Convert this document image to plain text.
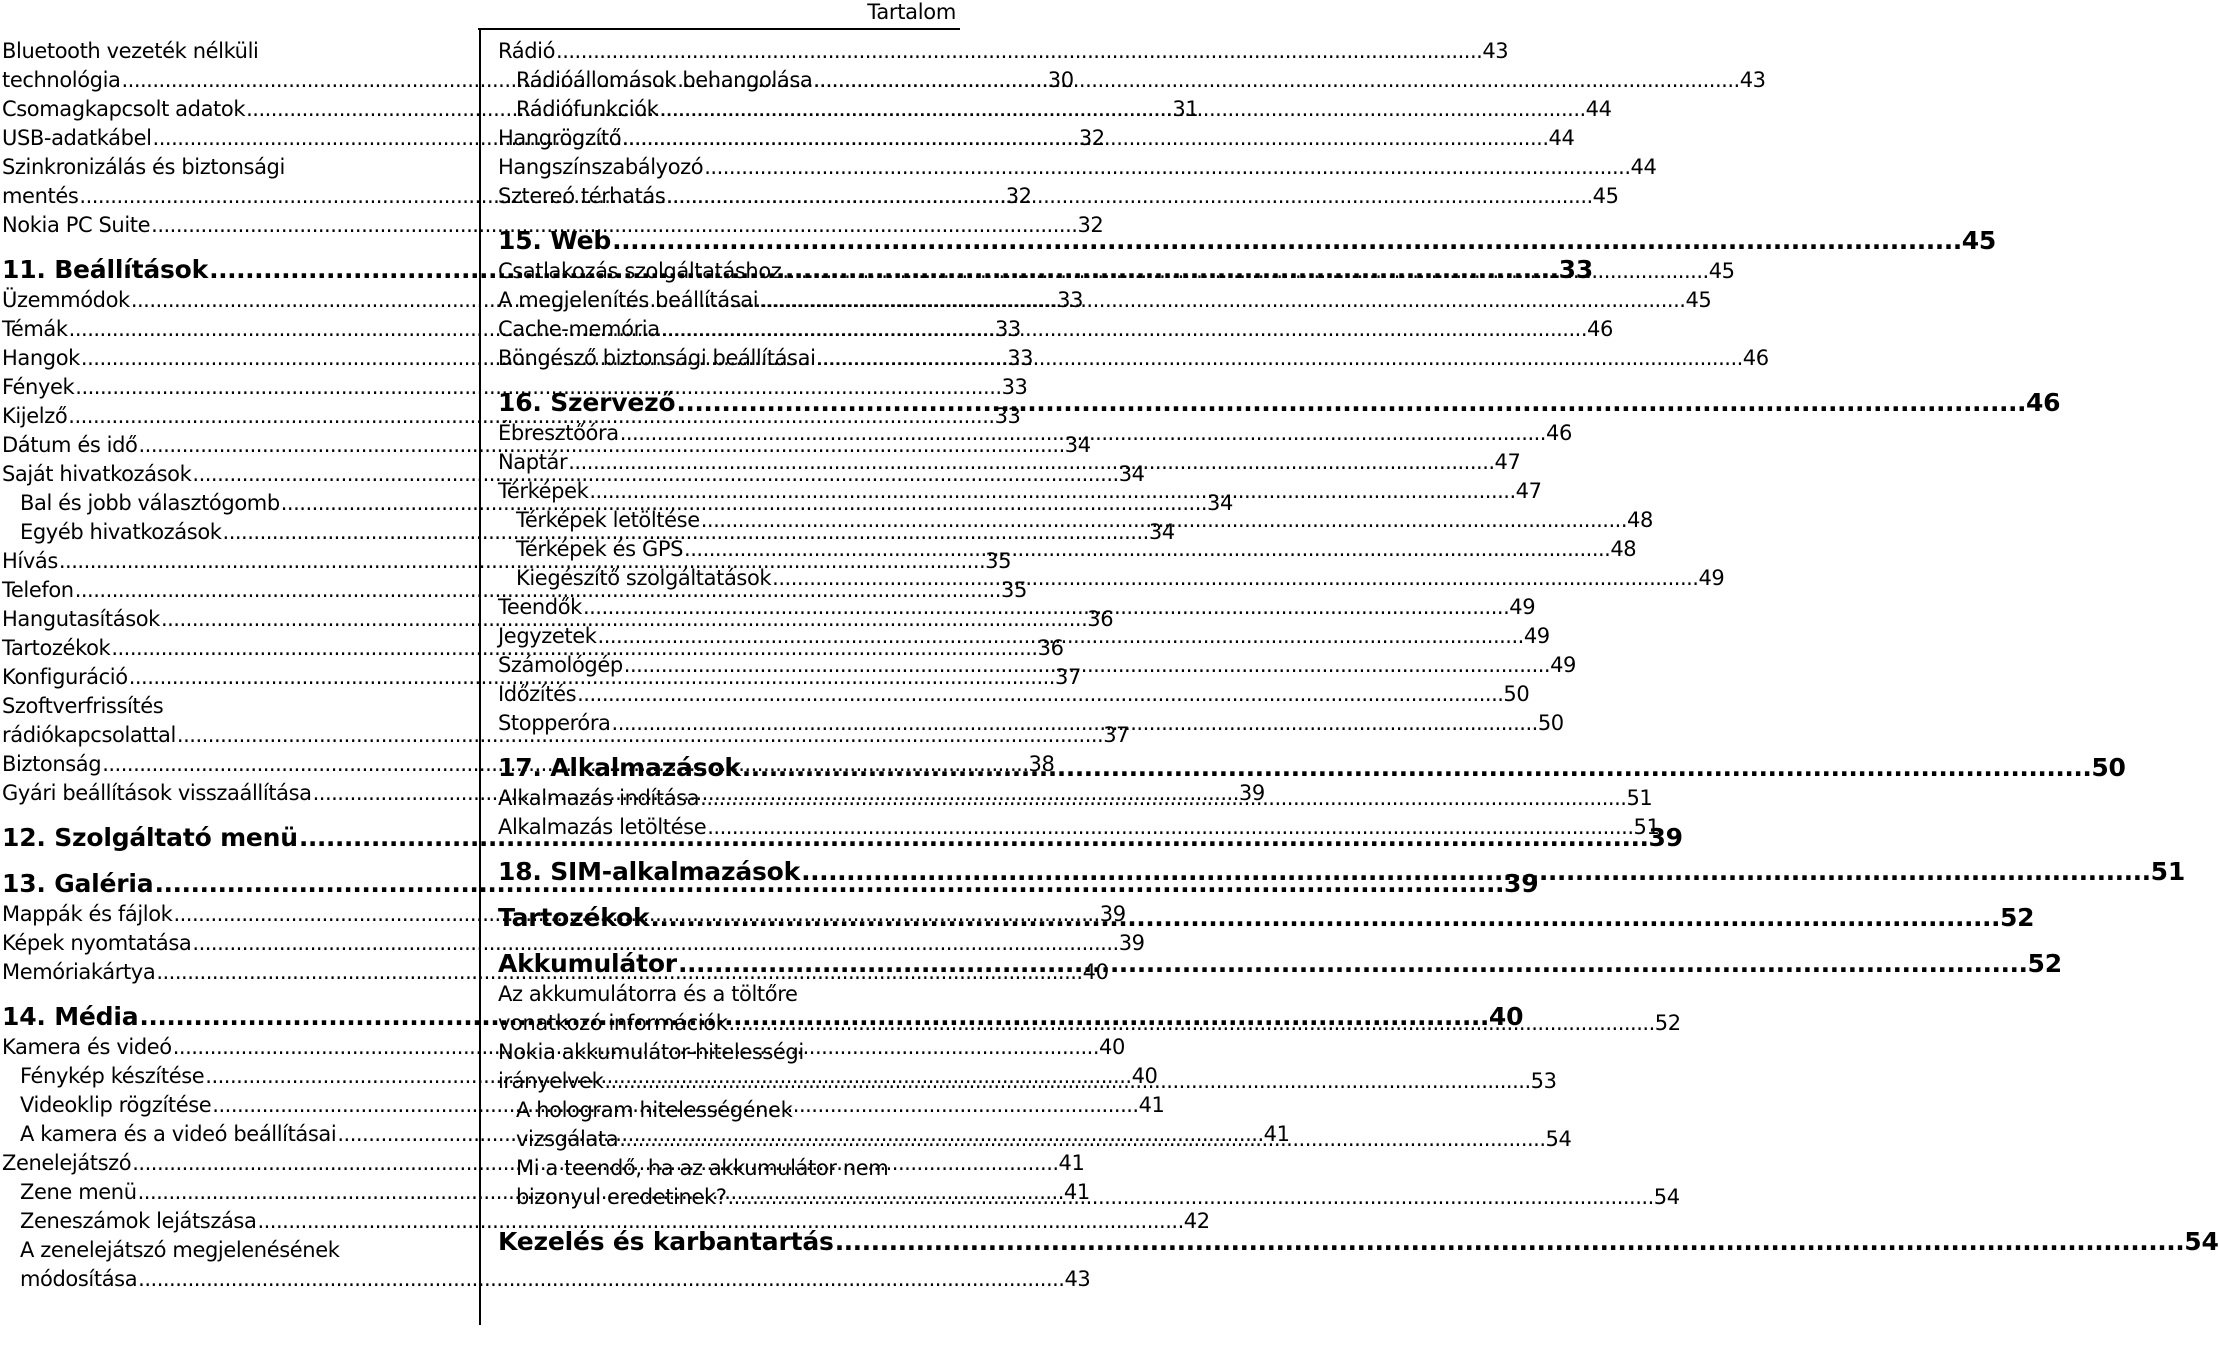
Tartalom
Bluetooth vezeték nélküli
technológia .....	30
Csomagkapcsolt adatok .....	31
USB-adatkábel .....	32
Szinkronizálás és biztonsági
mentés .....	32
Nokia PC Suite .....	32
11. Beállítások .....	33
Üzemmódok .....	33
Témák .....	33
Hangok .....	33
Fények .....	33
Kijelző .....	33
Dátum és idő .....	34
Saját hivatkozások .....	34
Bal és jobb választógomb .....	34
Egyéb hivatkozások .....	34
Hívás .....	35
Telefon .....	35
Hangutasítások .....	36
Tartozékok .....	36
Konfiguráció .....	37
Szoftverfrissítés
rádiókapcsolattal .....	37
Biztonság .....	38
Gyári beállítások visszaállítása .....	39
12. Szolgáltató menü .....	39
13. Galéria .....	39
Mappák és fájlok .....	39
Képek nyomtatása .....	39
Memóriakártya .....	40
14. Média .....	40
Kamera és videó .....	40
Fénykép készítése .....	40
Videoklip rögzítése .....	41
A kamera és a videó beállításai .....	41
Zenelejátszó .....	41
Zene menü .....	41
Zeneszámok lejátszása .....	42
A zenelejátszó megjelenésének
módosítása .....	43
Rádió .....	43
Rádióállomások behangolása .....	43
Rádiófunkciók .....	44
Hangrögzítő .....	44
Hangszínszabályozó .....	44
Sztereó térhatás .....	45
15. Web .....	45
Csatlakozás szolgáltatáshoz .....	45
A megjelenítés beállításai .....	45
Cache-memória .....	46
Böngésző biztonsági beállításai .....	46
16. Szervező .....	46
Ébresztőóra .....	46
Naptár .....	47
Térképek .....	47
Térképek letöltése .....	48
Térképek és GPS .....	48
Kiegészítő szolgáltatások .....	49
Teendők .....	49
Jegyzetek .....	49
Számológép .....	49
Időzítés .....	50
Stopperóra .....	50
17. Alkalmazások .....	50
Alkalmazás indítása .....	51
Alkalmazás letöltése .....	51
18. SIM-alkalmazások .....	51
Tartozékok .....	52
Akkumulátor .....	52
Az akkumulátorra és a töltőre
vonatkozó információk .....	52
Nokia akkumulátor-hitelességi
irányelvek .....	53
A hologram hitelességének
vizsgálata .....	54
Mi a teendő, ha az akkumulátor nem
bizonyul eredetinek? .....	54
Kezelés és karbantartás .....	54
